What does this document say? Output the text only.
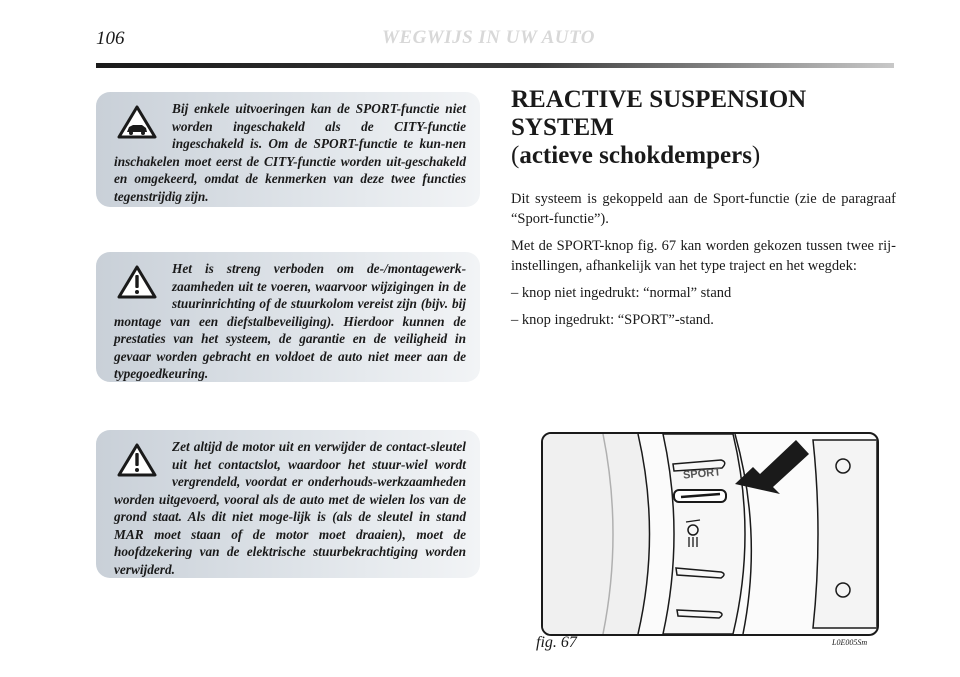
106	WEGWIJS IN UW AUTO

Bij enkele uitvoeringen kan de SPORT-functie niet worden ingeschakeld als de CITY-functie ingeschakeld is. Om de SPORT-functie te kun-nen inschakelen moet eerst de CITY-functie worden uit-geschakeld en omgekeerd, omdat de kenmerken van deze twee functies tegenstrijdig zijn.

Het is streng verboden om de-/montagewerk-zaamheden uit te voeren, waarvoor wijzigingen in de stuurinrichting of de stuurkolom vereist zijn (bijv. bij montage van een diefstalbeveiliging). Hierdoor kunnen de prestaties van het systeem, de garantie en de veiligheid in gevaar worden gebracht en voldoet de auto niet meer aan de typegoedkeuring.

Zet altijd de motor uit en verwijder de contact-sleutel uit het contactslot, waardoor het stuur-wiel wordt vergrendeld, voordat er onderhouds-werkzaamheden worden uitgevoerd, vooral als de auto met de wielen los van de grond staat. Als dit niet moge-lijk is (als de sleutel in stand MAR moet staan of de motor moet draaien), moet de hoofdzekering van de elektrische stuurbekrachtiging worden verwijderd.

REACTIVE SUSPENSION
SYSTEM
(actieve schokdempers)

Dit systeem is gekoppeld aan de Sport-functie (zie de paragraaf “Sport-functie”).

Met de SPORT-knop fig. 67 kan worden gekozen tussen twee rij-instellingen, afhankelijk van het type traject en het wegdek:

– knop niet ingedrukt: “normal” stand

– knop ingedrukt: “SPORT”-stand.

SPORT
fig. 67	L0E005Sm
